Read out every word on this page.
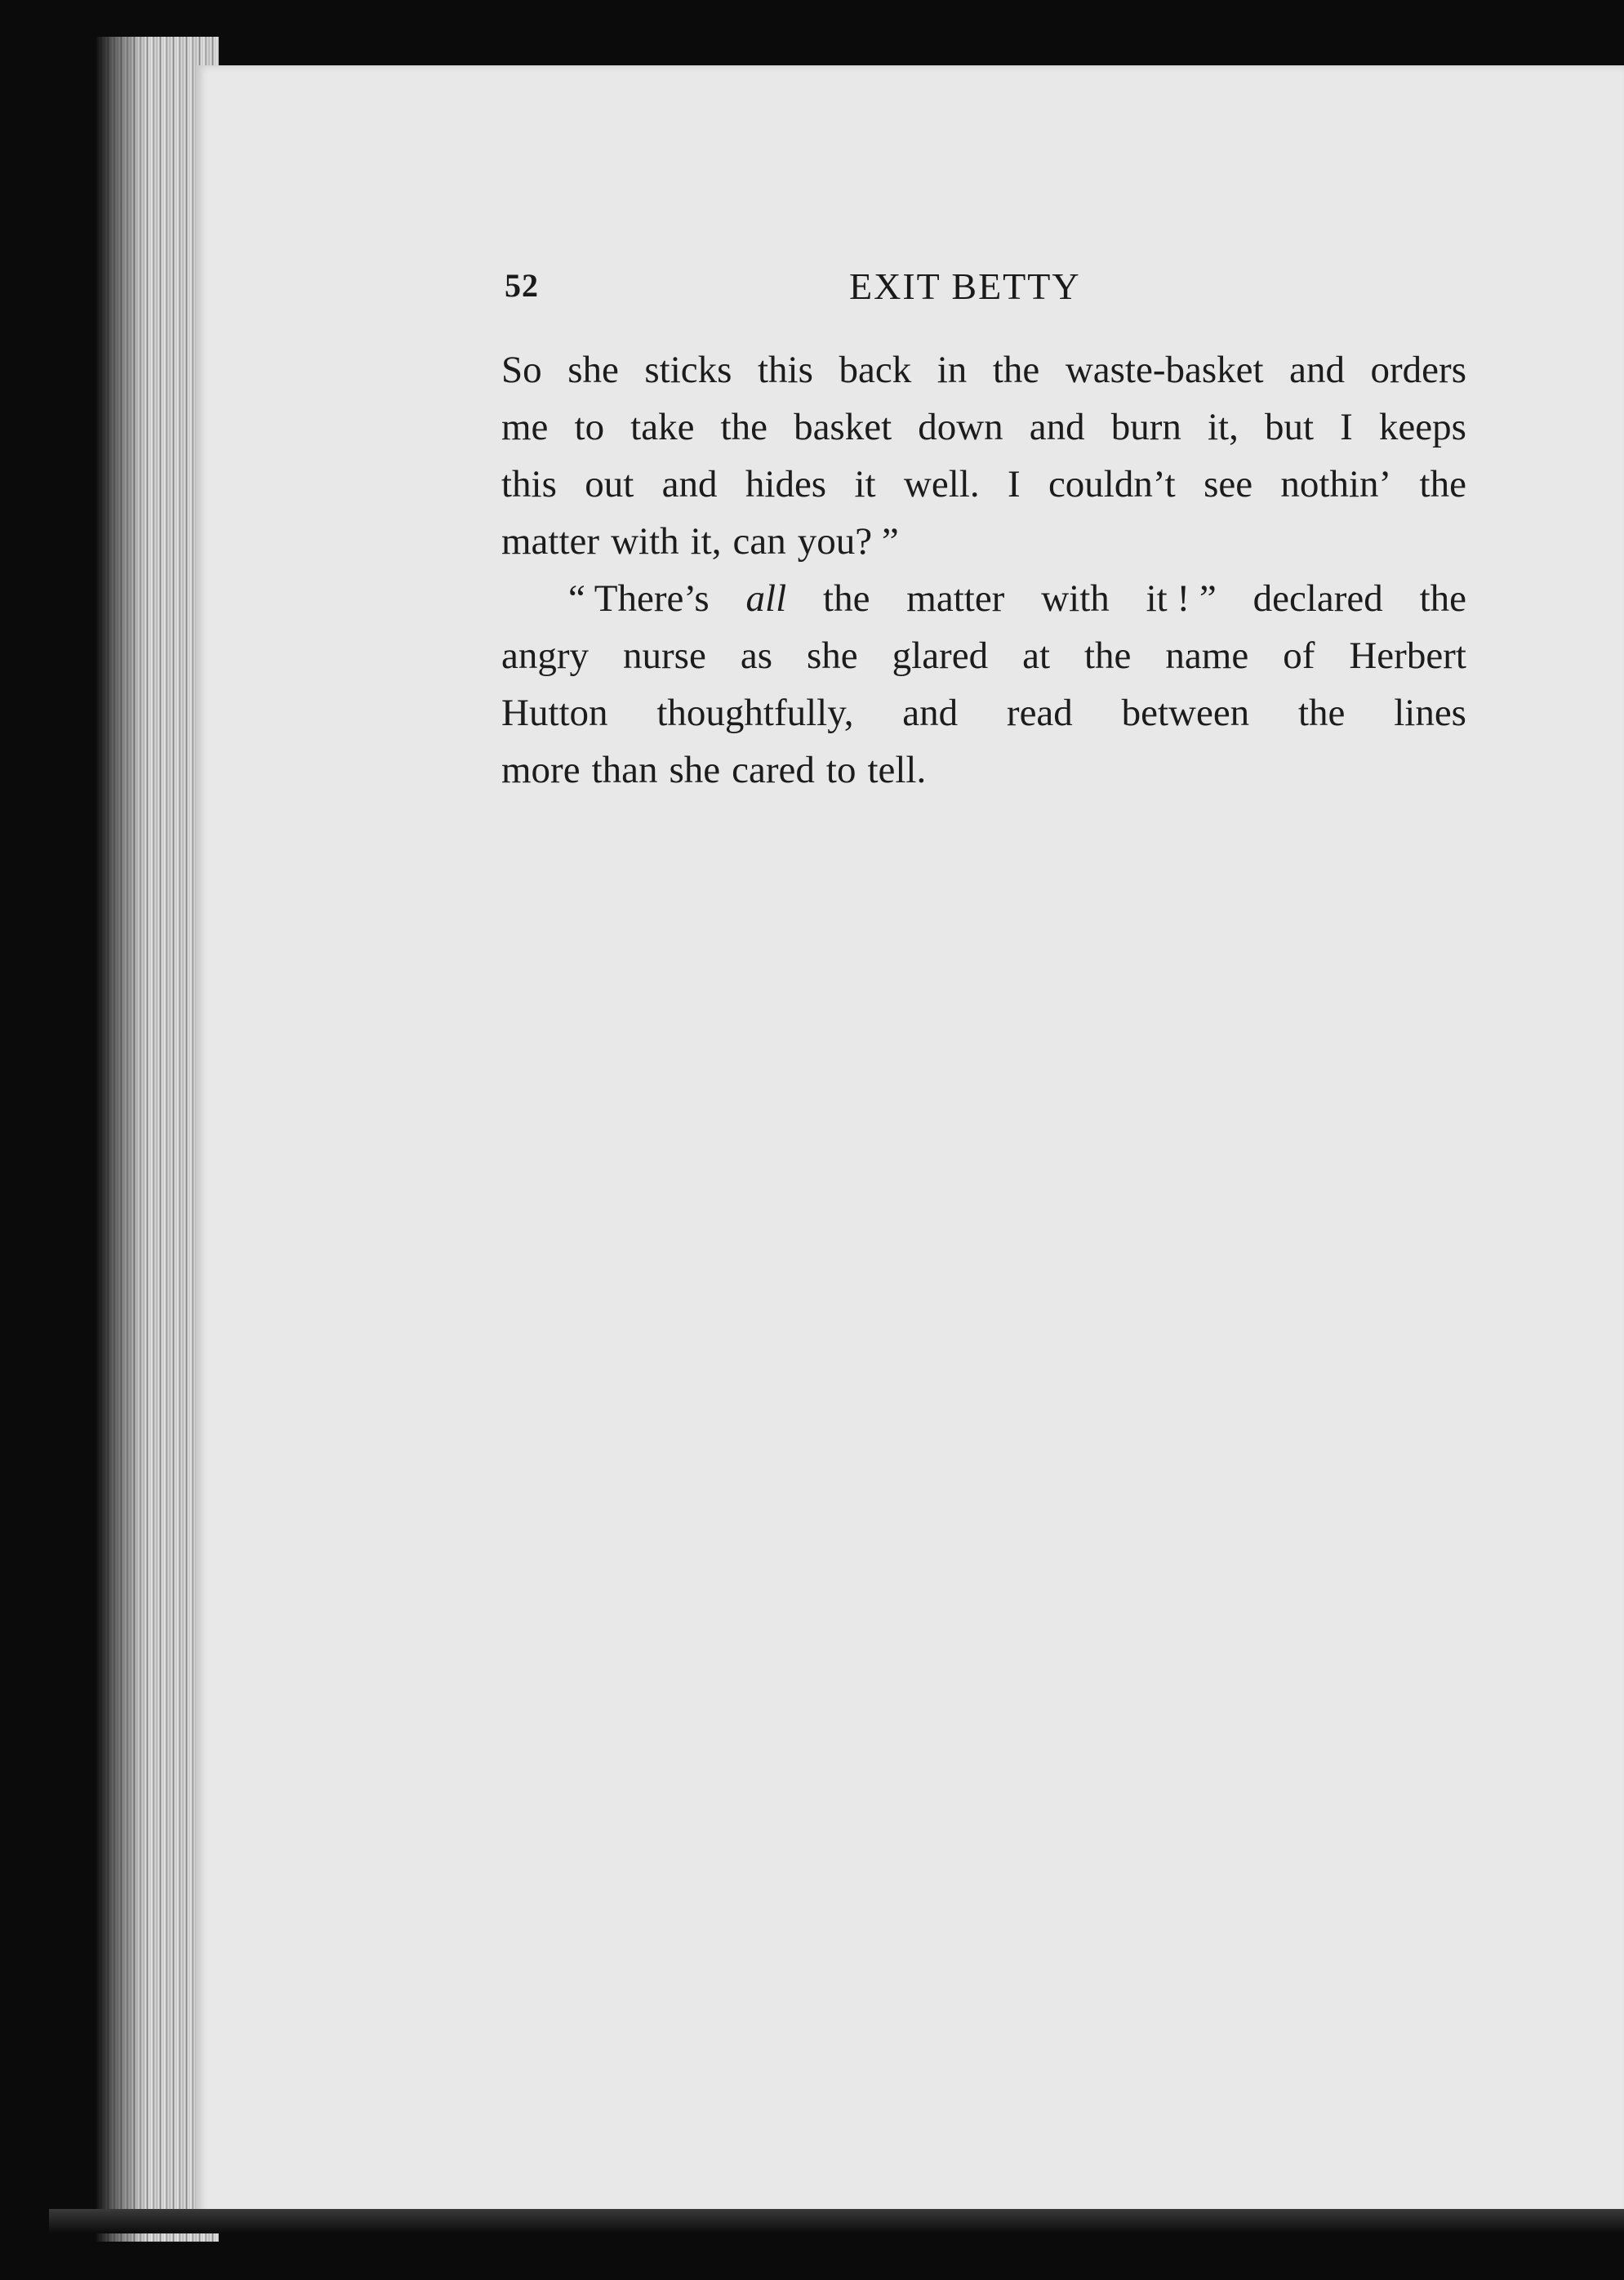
52	EXIT BETTY
So she sticks this back in the waste-basket and orders
me to take the basket down and burn it, but I keeps
this out and hides it well. I couldn’t see nothin’ the
matter with it, can you? ”
“ There’s all the matter with it ! ” declared the
angry nurse as she glared at the name of Herbert
Hutton thoughtfully, and read between the lines
more than she cared to tell.
